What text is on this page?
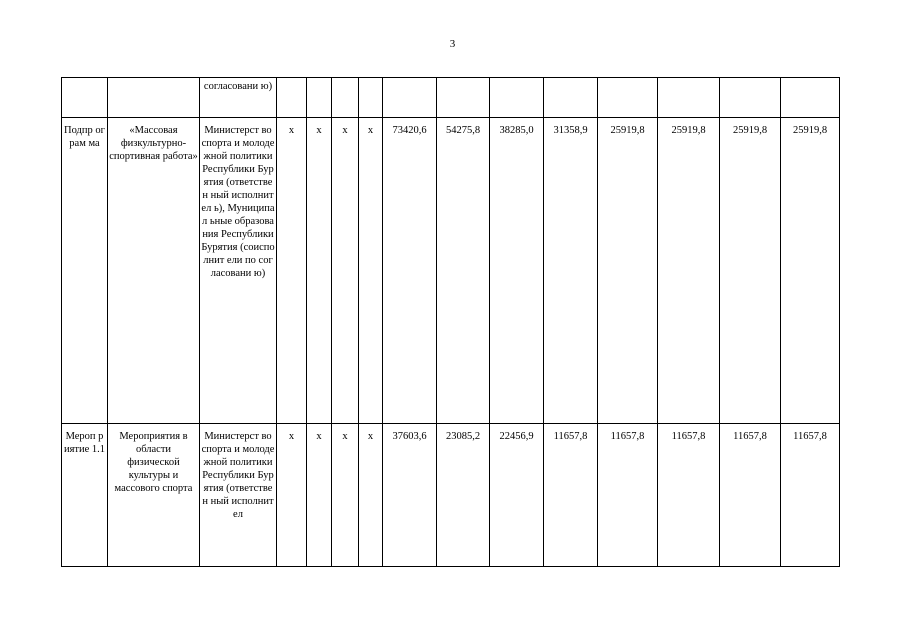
3
		согласовани ю)												
Подпр ограм ма	«Массовая физкультурно-спортивная работа»	Министерст во спорта и молодежной политики Республики Бурятия (ответствен ный исполнител ь), Муниципал ьные образования Республики Бурятия (соисполнит ели по согласовани ю)	х	х	х	х	73420,6	54275,8	38285,0	31358,9	25919,8	25919,8	25919,8	25919,8
Мероп риятие 1.1	Мероприятия в области физической культуры и массового спорта	Министерст во спорта и молодежной политики Республики Бурятия (ответствен ный исполнител	х	х	х	х	37603,6	23085,2	22456,9	11657,8	11657,8	11657,8	11657,8	11657,8
